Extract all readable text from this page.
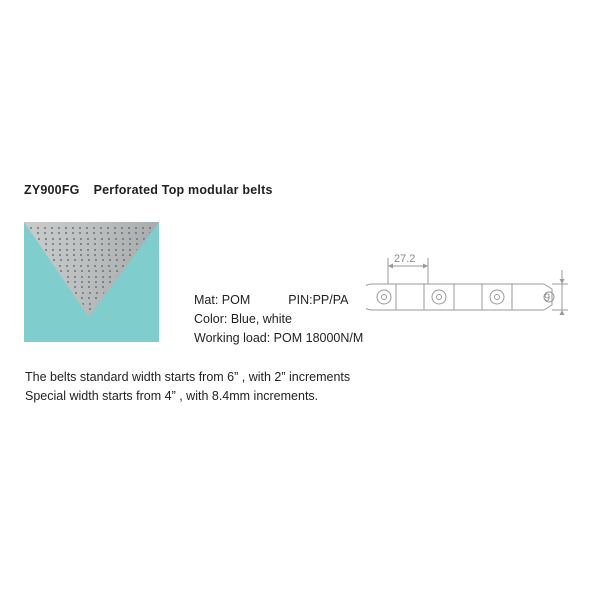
ZY900FG Perforated Top modular belts
Mat: POM	PIN:PP/PA
Color: Blue, white
Working load: POM 18000N/M
The belts standard width starts from 6” , with 2” increments
Special width starts from 4” , with 8.4mm increments.
27.2
9
